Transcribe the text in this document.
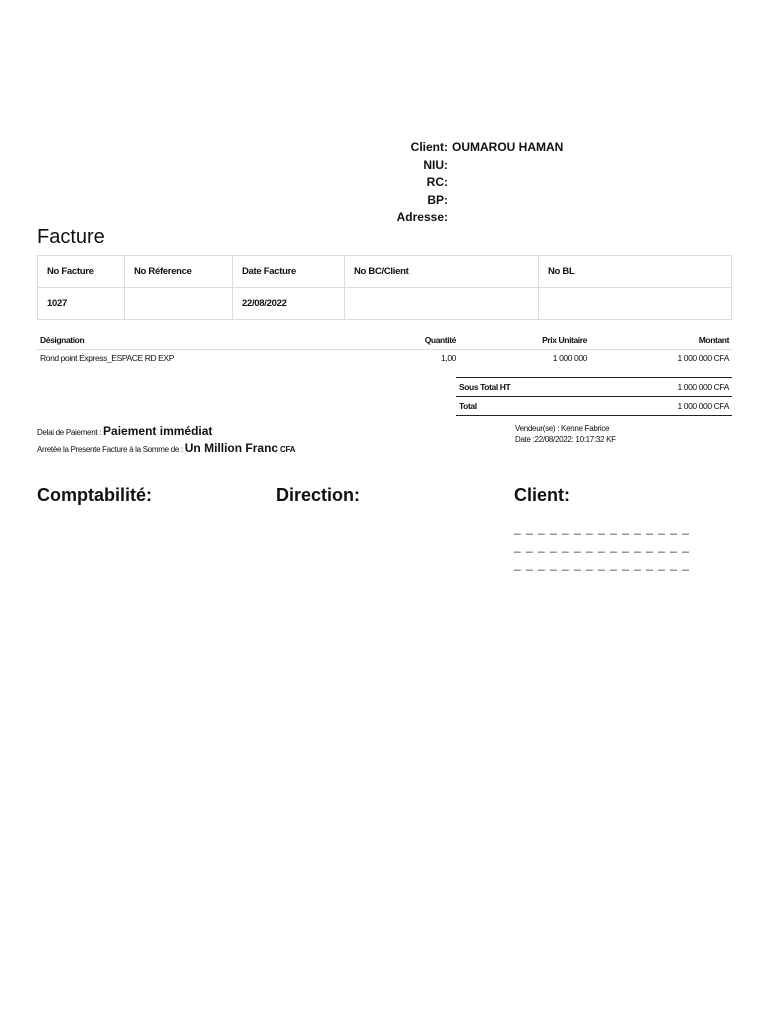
Client: OUMAROU HAMAN
NIU:
RC:
BP:
Adresse:
Facture
No Facture	No Réference	Date Facture	No BC/Client	No BL
1027		22/08/2022		
Désignation	Quantité	Prix Unitaire	Montant
Rond point Express_ESPACE RD EXP	1,00	1 000 000	1 000 000 CFA
Sous Total HT	1 000 000 CFA
Total	1 000 000 CFA
Delai de Paiement : Paiement immédiat
Arretée la Presente Facture à la Somme de : Un Million Franc CFA
Vendeur(se) : Kenne Fabrice
Date :22/08/2022: 10:17:32 KF
Comptabilité:	Direction:	Client:
_ _ _ _ _ _ _ _ _ _ _ _ _ _ _
_ _ _ _ _ _ _ _ _ _ _ _ _ _ _
_ _ _ _ _ _ _ _ _ _ _ _ _ _ _
